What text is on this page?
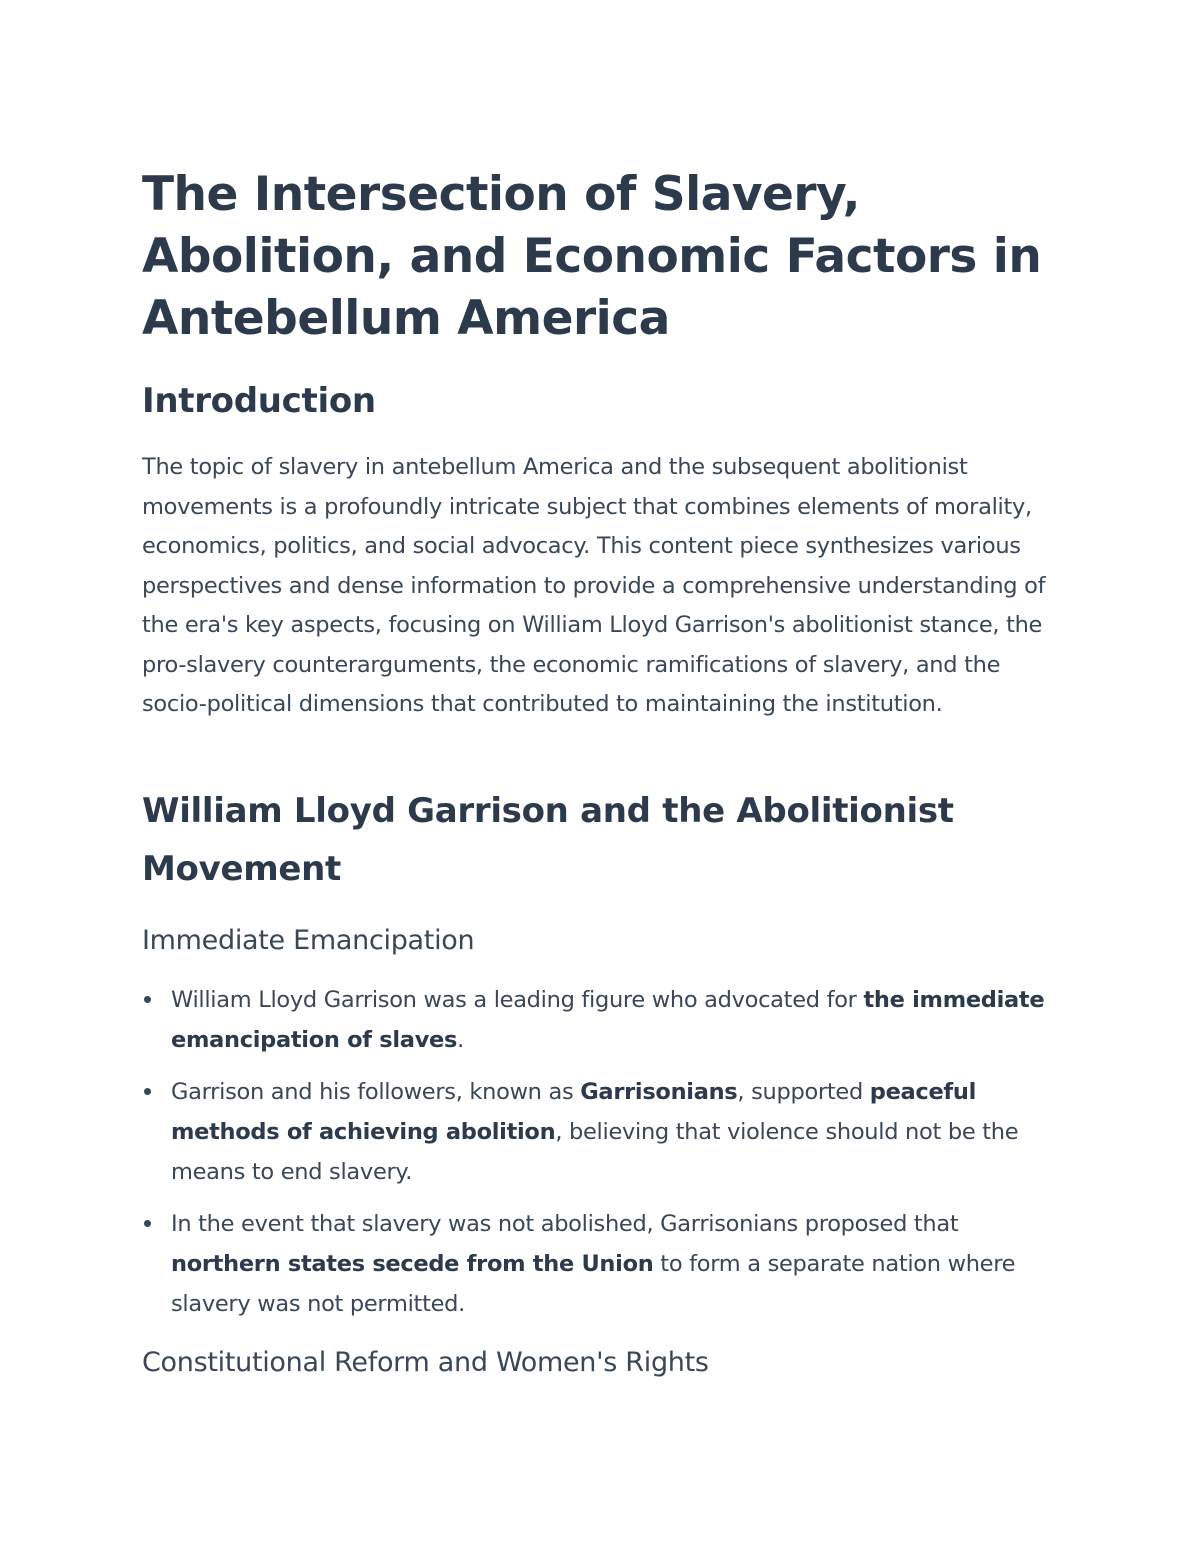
The Intersection of Slavery, Abolition, and Economic Factors in Antebellum America
Introduction

The topic of slavery in antebellum America and the subsequent abolitionist movements is a profoundly intricate subject that combines elements of morality, economics, politics, and social advocacy. This content piece synthesizes various perspectives and dense information to provide a comprehensive understanding of the era's key aspects, focusing on William Lloyd Garrison's abolitionist stance, the pro-slavery counterarguments, the economic ramifications of slavery, and the socio-political dimensions that contributed to maintaining the institution.

William Lloyd Garrison and the Abolitionist Movement
Immediate Emancipation
William Lloyd Garrison was a leading figure who advocated for the immediate emancipation of slaves.
Garrison and his followers, known as Garrisonians, supported peaceful methods of achieving abolition, believing that violence should not be the means to end slavery.
In the event that slavery was not abolished, Garrisonians proposed that northern states secede from the Union to form a separate nation where slavery was not permitted.
Constitutional Reform and Women's Rights
